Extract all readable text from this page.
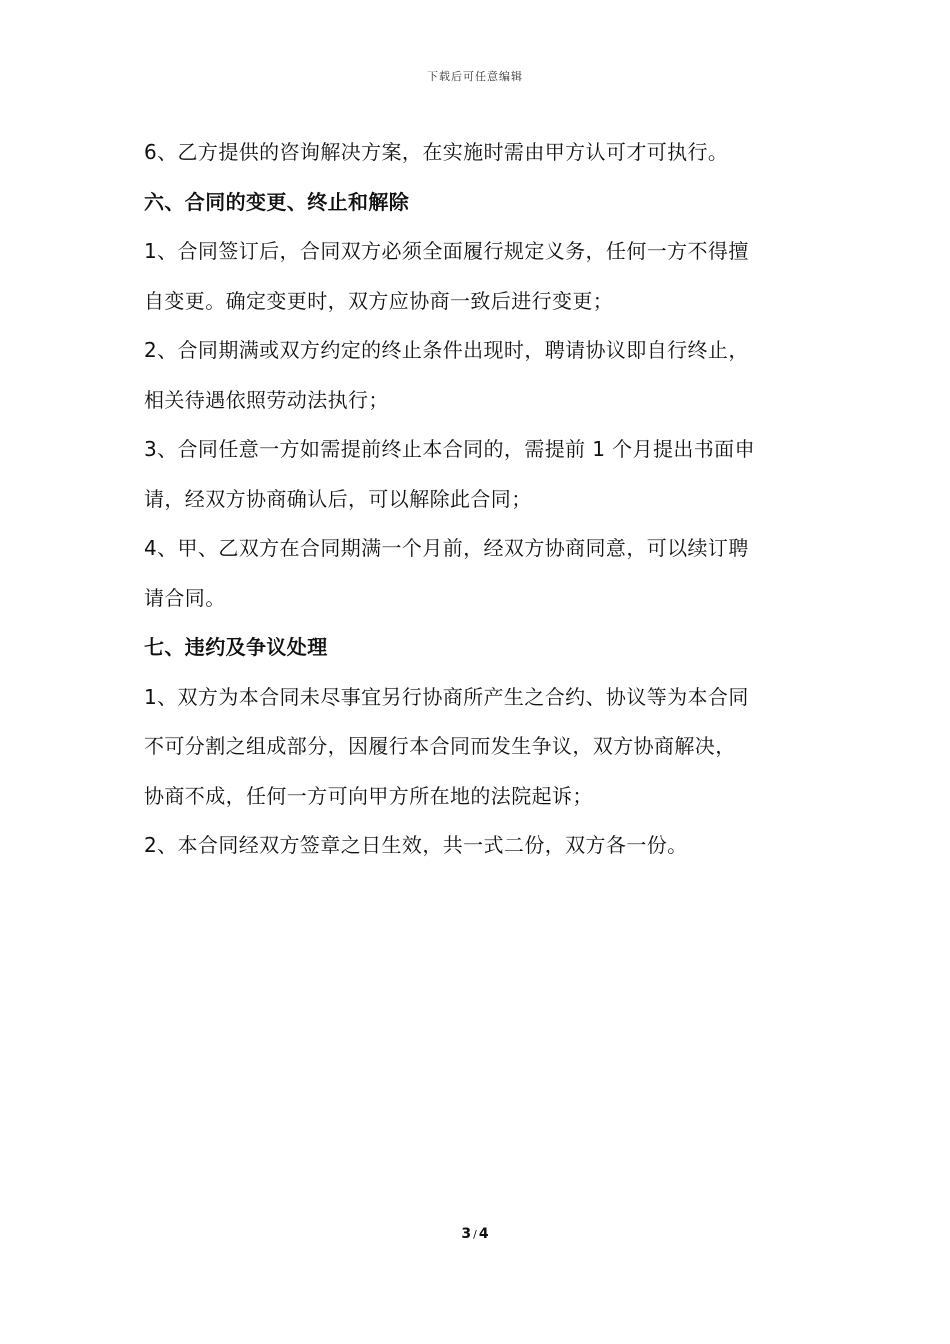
下载后可任意编辑
6、乙方提供的咨询解决方案，在实施时需由甲方认可才可执行。
六、合同的变更、终止和解除
1、合同签订后，合同双方必须全面履行规定义务，任何一方不得擅
自变更。确定变更时，双方应协商一致后进行变更；
2、合同期满或双方约定的终止条件出现时，聘请协议即自行终止，
相关待遇依照劳动法执行；
3、合同任意一方如需提前终止本合同的，需提前 1 个月提出书面申
请，经双方协商确认后，可以解除此合同；
4、甲、乙双方在合同期满一个月前，经双方协商同意，可以续订聘
请合同。
七、违约及争议处理
1、双方为本合同未尽事宜另行协商所产生之合约、协议等为本合同
不可分割之组成部分，因履行本合同而发生争议，双方协商解决，
协商不成，任何一方可向甲方所在地的法院起诉；
2、本合同经双方签章之日生效，共一式二份，双方各一份。
3 / 4
